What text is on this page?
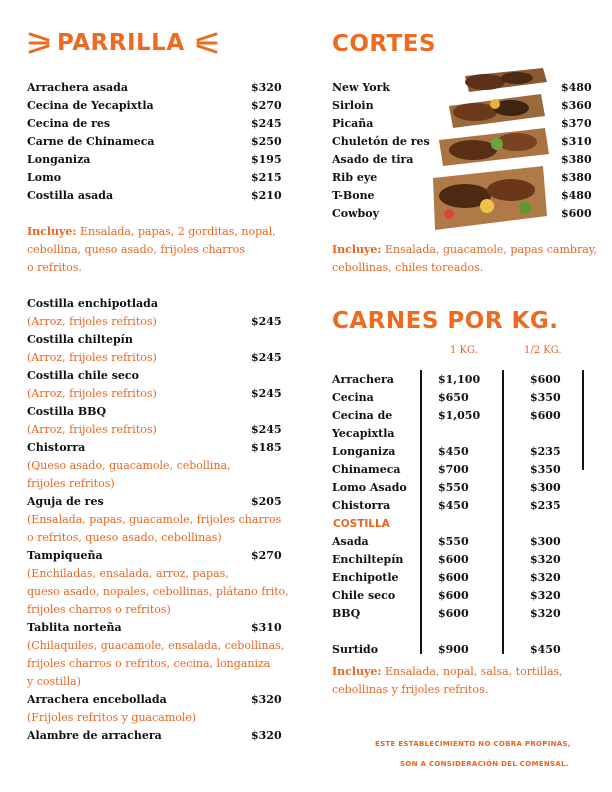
PARRILLA
Arrachera asada	$320
Cecina de Yecapixtla	$270
Cecina de res	$245
Carne de Chinameca	$250
Longaniza	$195
Lomo	$215
Costilla asada	$210
Incluye: Ensalada, papas, 2 gorditas, nopal,
cebollina, queso asado, frijoles charros
o refritos.
Costilla enchipotlada
(Arroz, frijoles refritos)	$245
Costilla chiltepín
(Arroz, frijoles refritos)	$245
Costilla chile seco
(Arroz, frijoles refritos)	$245
Costilla BBQ
(Arroz, frijoles refritos)	$245
Chistorra	$185
(Queso asado, guacamole, cebollina,
frijoles refritos)
Aguja de res	$205
(Ensalada, papas, guacamole, frijoles charros
o refritos, queso asado, cebollinas)
Tampiqueña	$270
(Enchiladas, ensalada, arroz, papas,
queso asado, nopales, cebollinas, plátano frito,
frijoles charros o refritos)
Tablita norteña	$310
(Chilaquiles, guacamole, ensalada, cebollinas,
frijoles charros o refritos, cecina, longaniza
y costilla)
Arrachera encebollada	$320
(Frijoles refritos y guacamole)
Alambre de arrachera	$320
CORTES
New York	$480
Sirloin	$360
Picaña	$370
Chuletón de res	$310
Asado de tira	$380
Rib eye	$380
T-Bone	$480
Cowboy	$600
Incluye: Ensalada, guacamole, papas cambray,
cebollinas, chiles toreados.
CARNES POR KG.
1 KG.	1/2 KG.
Arrachera	$1,100	$600
Cecina	$650	$350
Cecina de	$1,050	$600
Yecapixtla
Longaniza	$450	$235
Chinameca	$700	$350
Lomo Asado	$550	$300
Chistorra	$450	$235
COSTILLA
Asada	$550	$300
Enchiltepín	$600	$320
Enchipotle	$600	$320
Chile seco	$600	$320
BBQ	$600	$320
Surtido	$900	$450
Incluye: Ensalada, nopal, salsa, tortillas,
cebollinas y frijoles refritos.
ESTE ESTABLECIMIENTO NO COBRA PROPINAS,
SON A CONSIDERACIÓN DEL COMENSAL.
